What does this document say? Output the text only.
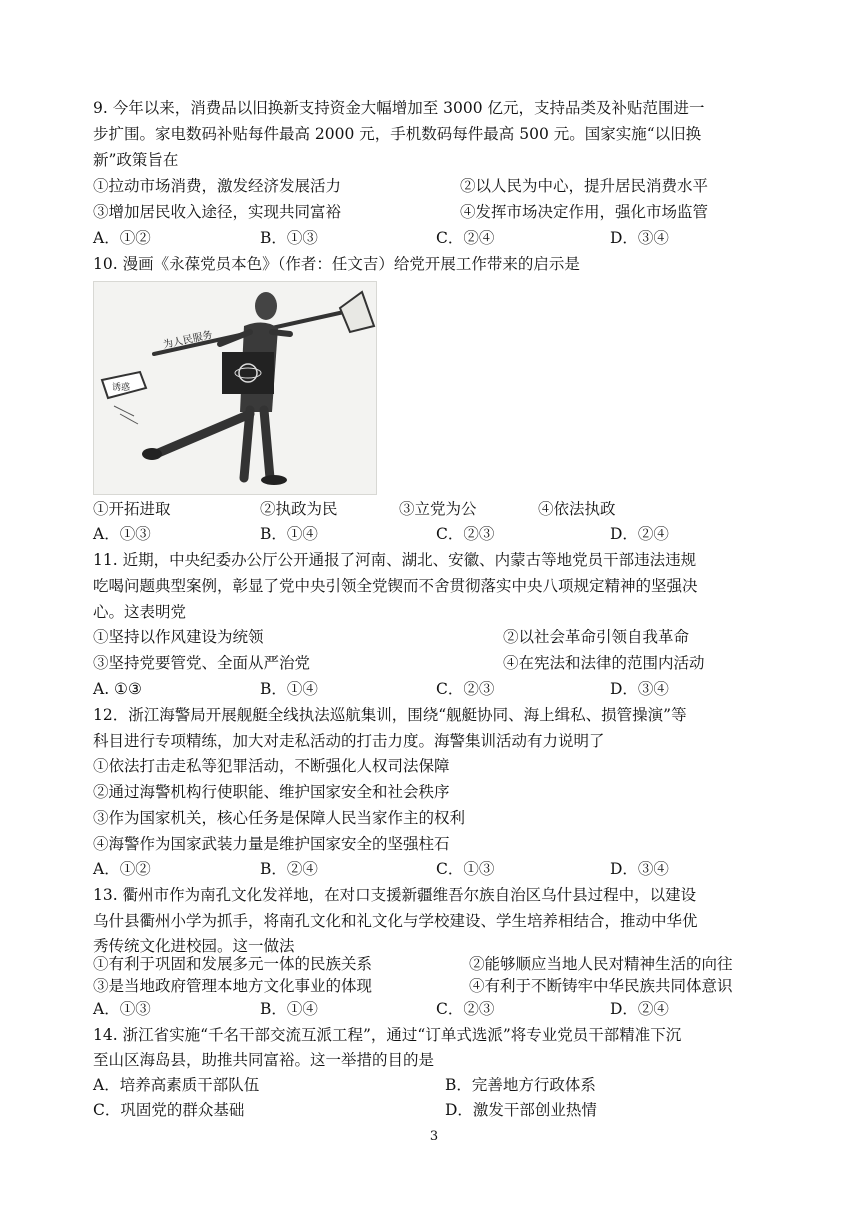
9. 今年以来，消费品以旧换新支持资金大幅增加至 3000 亿元，支持品类及补贴范围进一
步扩围。家电数码补贴每件最高 2000 元，手机数码每件最高 500 元。国家实施“以旧换
新”政策旨在
①拉动市场消费，激发经济发展活力	②以人民为中心，提升居民消费水平
③增加居民收入途径，实现共同富裕	④发挥市场决定作用，强化市场监管
A．①②	B．①③	C．②④	D．③④
10. 漫画《永葆党员本色》（作者：任文吉）给党开展工作带来的启示是
为人民服务
诱惑
①开拓进取	②执政为民	③立党为公	④依法执政
A．①③	B．①④	C．②③	D．②④
11. 近期，中央纪委办公厅公开通报了河南、湖北、安徽、内蒙古等地党员干部违法违规
吃喝问题典型案例，彰显了党中央引领全党锲而不舍贯彻落实中央八项规定精神的坚强决
心。这表明党
①坚持以作风建设为统领	②以社会革命引领自我革命
③坚持党要管党、全面从严治党	④在宪法和法律的范围内活动
A. ①③	B．①④	C．②③	D．③④
12．浙江海警局开展舰艇全线执法巡航集训，围绕“舰艇协同、海上缉私、损管操演”等
科目进行专项精练，加大对走私活动的打击力度。海警集训活动有力说明了
①依法打击走私等犯罪活动，不断强化人权司法保障
②通过海警机构行使职能、维护国家安全和社会秩序
③作为国家机关，核心任务是保障人民当家作主的权利
④海警作为国家武装力量是维护国家安全的坚强柱石
A．①②	B．②④	C．①③	D．③④
13. 衢州市作为南孔文化发祥地，在对口支援新疆维吾尔族自治区乌什县过程中，以建设
乌什县衢州小学为抓手，将南孔文化和礼文化与学校建设、学生培养相结合，推动中华优
秀传统文化进校园。这一做法
①有利于巩固和发展多元一体的民族关系	②能够顺应当地人民对精神生活的向往
③是当地政府管理本地方文化事业的体现	④有利于不断铸牢中华民族共同体意识
A．①③	B．①④	C．②③	D．②④
14. 浙江省实施“千名干部交流互派工程”，通过“订单式选派”将专业党员干部精准下沉
至山区海岛县，助推共同富裕。这一举措的目的是
A．培养高素质干部队伍	B．完善地方行政体系
C．巩固党的群众基础	D．激发干部创业热情
3
